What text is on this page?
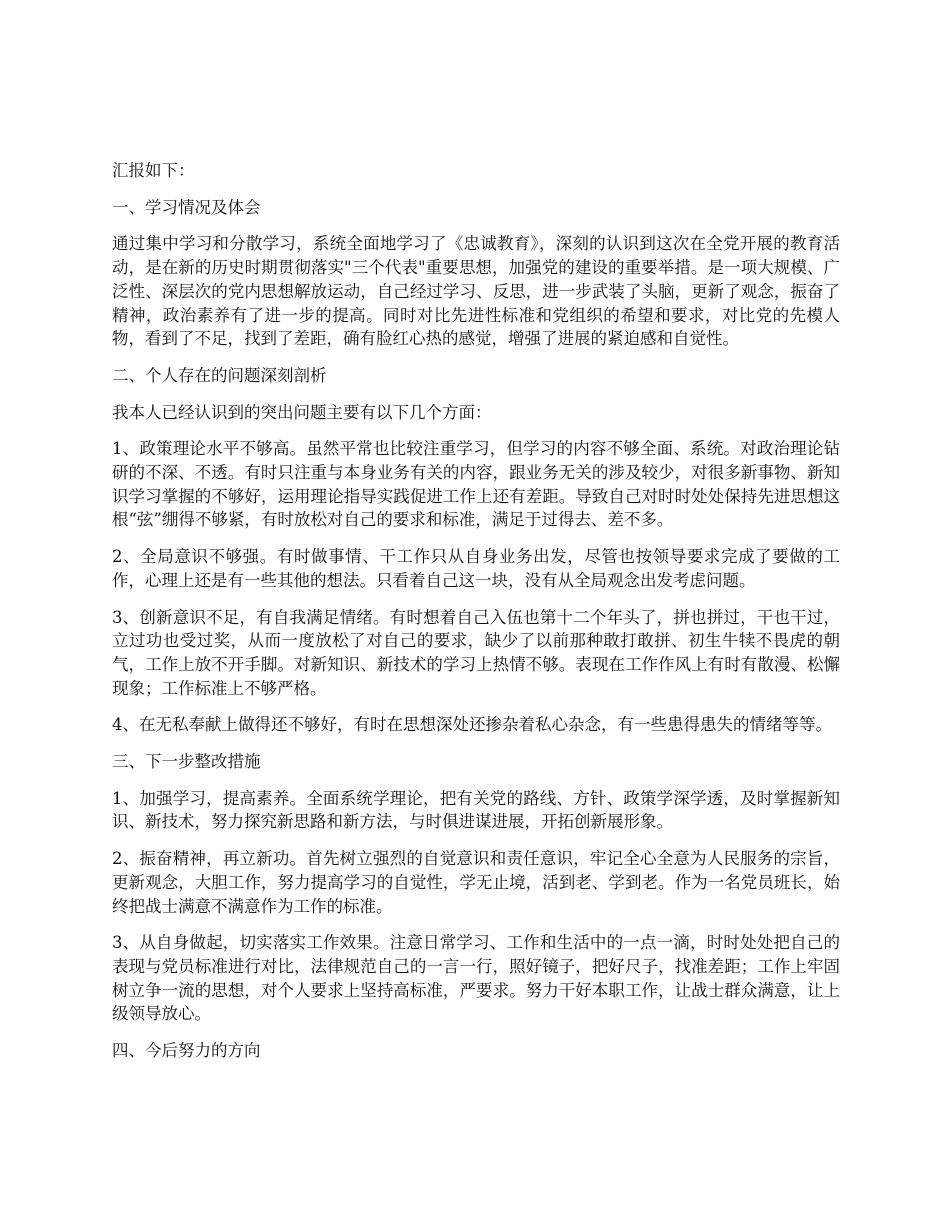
汇报如下：

一、学习情况及体会

通过集中学习和分散学习，系统全面地学习了《忠诚教育》，深刻的认识到这次在全党开展的教育活动，是在新的历史时期贯彻落实"三个代表"重要思想，加强党的建设的重要举措。是一项大规模、广泛性、深层次的党内思想解放运动，自己经过学习、反思，进一步武装了头脑，更新了观念，振奋了精神，政治素养有了进一步的提高。同时对比先进性标准和党组织的希望和要求，对比党的先模人物，看到了不足，找到了差距，确有脸红心热的感觉，增强了进展的紧迫感和自觉性。

二、个人存在的问题深刻剖析

我本人已经认识到的突出问题主要有以下几个方面：

1、政策理论水平不够高。虽然平常也比较注重学习，但学习的内容不够全面、系统。对政治理论钻研的不深、不透。有时只注重与本身业务有关的内容，跟业务无关的涉及较少，对很多新事物、新知识学习掌握的不够好，运用理论指导实践促进工作上还有差距。导致自己对时时处处保持先进思想这根“弦”绷得不够紧，有时放松对自己的要求和标准，满足于过得去、差不多。

2、全局意识不够强。有时做事情、干工作只从自身业务出发，尽管也按领导要求完成了要做的工作，心理上还是有一些其他的想法。只看着自己这一块，没有从全局观念出发考虑问题。

3、创新意识不足，有自我满足情绪。有时想着自己入伍也第十二个年头了，拼也拼过，干也干过，立过功也受过奖，从而一度放松了对自己的要求，缺少了以前那种敢打敢拼、初生牛犊不畏虎的朝气，工作上放不开手脚。对新知识、新技术的学习上热情不够。表现在工作作风上有时有散漫、松懈现象；工作标准上不够严格。

4、在无私奉献上做得还不够好，有时在思想深处还掺杂着私心杂念，有一些患得患失的情绪等等。

三、下一步整改措施

1、加强学习，提高素养。全面系统学理论，把有关党的路线、方针、政策学深学透，及时掌握新知识、新技术，努力探究新思路和新方法，与时俱进谋进展，开拓创新展形象。

2、振奋精神，再立新功。首先树立强烈的自觉意识和责任意识，牢记全心全意为人民服务的宗旨，更新观念，大胆工作，努力提高学习的自觉性，学无止境，活到老、学到老。作为一名党员班长，始终把战士满意不满意作为工作的标准。

3、从自身做起，切实落实工作效果。注意日常学习、工作和生活中的一点一滴，时时处处把自己的表现与党员标准进行对比，法律规范自己的一言一行，照好镜子，把好尺子，找准差距；工作上牢固树立争一流的思想，对个人要求上坚持高标准，严要求。努力干好本职工作，让战士群众满意，让上级领导放心。

四、今后努力的方向
